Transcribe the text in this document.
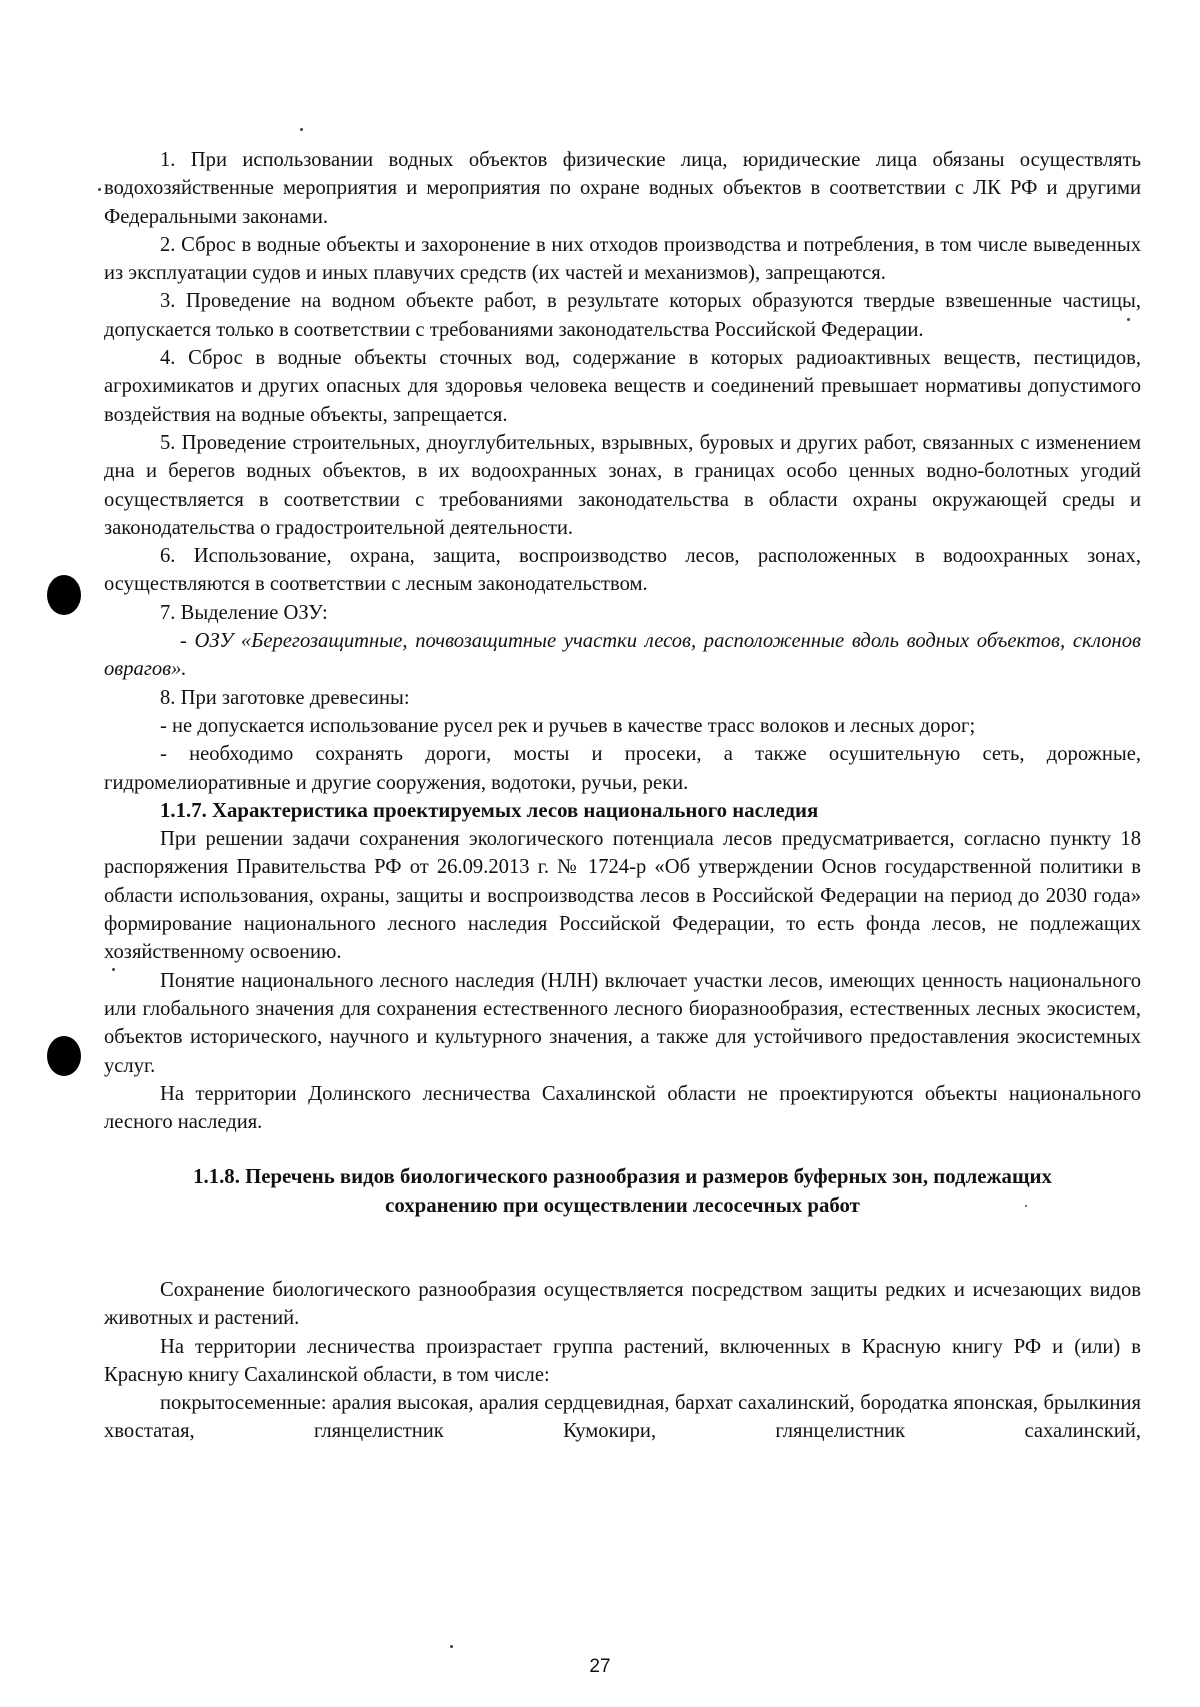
1. При использовании водных объектов физические лица, юридические лица обязаны осуществлять водохозяйственные мероприятия и мероприятия по охране водных объектов в соответствии с ЛК РФ и другими Федеральными законами.

2. Сброс в водные объекты и захоронение в них отходов производства и потребления, в том числе выведенных из эксплуатации судов и иных плавучих средств (их частей и механизмов), запрещаются.

3. Проведение на водном объекте работ, в результате которых образуются твердые взвешенные частицы, допускается только в соответствии с требованиями законодательства Российской Федерации.

4. Сброс в водные объекты сточных вод, содержание в которых радиоактивных веществ, пестицидов, агрохимикатов и других опасных для здоровья человека веществ и соединений превышает нормативы допустимого воздействия на водные объекты, запрещается.

5. Проведение строительных, дноуглубительных, взрывных, буровых и других работ, связанных с изменением дна и берегов водных объектов, в их водоохранных зонах, в границах особо ценных водно-болотных угодий осуществляется в соответствии с требованиями законодательства в области охраны окружающей среды и законодательства о градостроительной деятельности.

6. Использование, охрана, защита, воспроизводство лесов, расположенных в водоохранных зонах, осуществляются в соответствии с лесным законодательством.

7. Выделение ОЗУ:

- ОЗУ «Берегозащитные, почвозащитные участки лесов, расположенные вдоль водных объектов, склонов оврагов».

8. При заготовке древесины:

- не допускается использование русел рек и ручьев в качестве трасс волоков и лесных дорог;

- необходимо сохранять дороги, мосты и просеки, а также осушительную сеть, дорожные, гидромелиоративные и другие сооружения, водотоки, ручьи, реки.

1.1.7. Характеристика проектируемых лесов национального наследия

При решении задачи сохранения экологического потенциала лесов предусматривается, согласно пункту 18 распоряжения Правительства РФ от 26.09.2013 г. № 1724-р «Об утверждении Основ государственной политики в области использования, охраны, защиты и воспроизводства лесов в Российской Федерации на период до 2030 года» формирование национального лесного наследия Российской Федерации, то есть фонда лесов, не подлежащих хозяйственному освоению.

Понятие национального лесного наследия (НЛН) включает участки лесов, имеющих ценность национального или глобального значения для сохранения естественного лесного биоразнообразия, естественных лесных экосистем, объектов исторического, научного и культурного значения, а также для устойчивого предоставления экосистемных услуг.

На территории Долинского лесничества Сахалинской области не проектируются объекты национального лесного наследия.

1.1.8. Перечень видов биологического разнообразия и размеров буферных зон, подлежащих
сохранению при осуществлении лесосечных работ

Сохранение биологического разнообразия осуществляется посредством защиты редких и исчезающих видов животных и растений.

На территории лесничества произрастает группа растений, включенных в Красную книгу РФ и (или) в Красную книгу Сахалинской области, в том числе:

покрытосеменные: аралия высокая, аралия сердцевидная, бархат сахалинский, бородатка японская, брылкиния хвостатая, глянцелистник Кумокири, глянцелистник сахалинский,

27
